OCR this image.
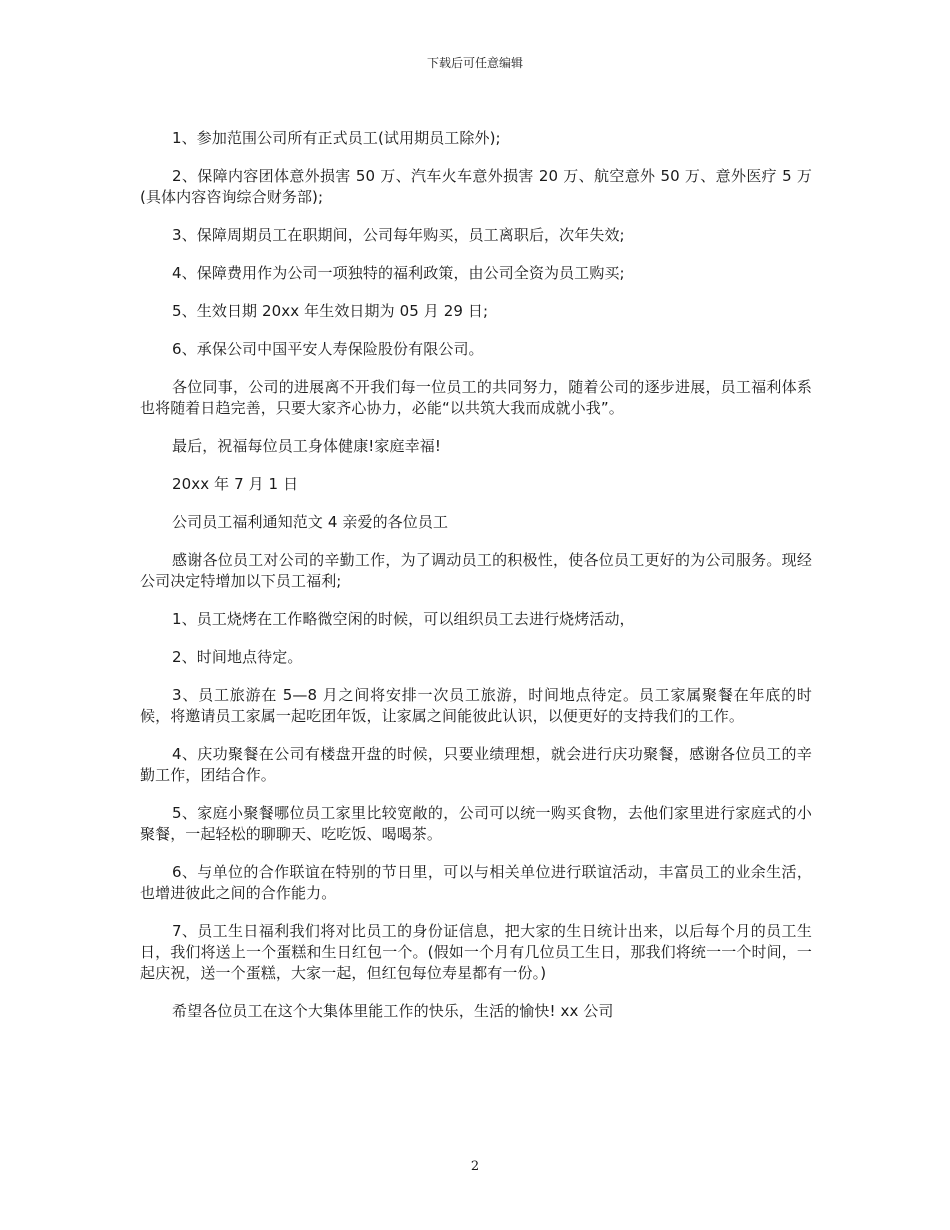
下载后可任意编辑

1、参加范围公司所有正式员工(试用期员工除外);

2、保障内容团体意外损害 50 万、汽车火车意外损害 20 万、航空意外 50 万、意外医疗 5 万(具体内容咨询综合财务部);

3、保障周期员工在职期间，公司每年购买，员工离职后，次年失效;

4、保障费用作为公司一项独特的福利政策，由公司全资为员工购买;

5、生效日期 20xx 年生效日期为 05 月 29 日;

6、承保公司中国平安人寿保险股份有限公司。

各位同事，公司的进展离不开我们每一位员工的共同努力，随着公司的逐步进展，员工福利体系也将随着日趋完善，只要大家齐心协力，必能“以共筑大我而成就小我”。

最后，祝福每位员工身体健康!家庭幸福!

20xx 年 7 月 1 日

公司员工福利通知范文 4 亲爱的各位员工

感谢各位员工对公司的辛勤工作，为了调动员工的积极性，使各位员工更好的为公司服务。现经公司决定特增加以下员工福利;

1、员工烧烤在工作略微空闲的时候，可以组织员工去进行烧烤活动，

2、时间地点待定。

3、员工旅游在 5—8 月之间将安排一次员工旅游，时间地点待定。员工家属聚餐在年底的时候，将邀请员工家属一起吃团年饭，让家属之间能彼此认识，以便更好的支持我们的工作。

4、庆功聚餐在公司有楼盘开盘的时候，只要业绩理想，就会进行庆功聚餐，感谢各位员工的辛勤工作，团结合作。

5、家庭小聚餐哪位员工家里比较宽敞的，公司可以统一购买食物，去他们家里进行家庭式的小聚餐，一起轻松的聊聊天、吃吃饭、喝喝茶。

6、与单位的合作联谊在特别的节日里，可以与相关单位进行联谊活动，丰富员工的业余生活，也增进彼此之间的合作能力。

7、员工生日福利我们将对比员工的身份证信息，把大家的生日统计出来，以后每个月的员工生日，我们将送上一个蛋糕和生日红包一个。(假如一个月有几位员工生日，那我们将统一一个时间，一起庆祝，送一个蛋糕，大家一起，但红包每位寿星都有一份。)

希望各位员工在这个大集体里能工作的快乐，生活的愉快! xx 公司

2
